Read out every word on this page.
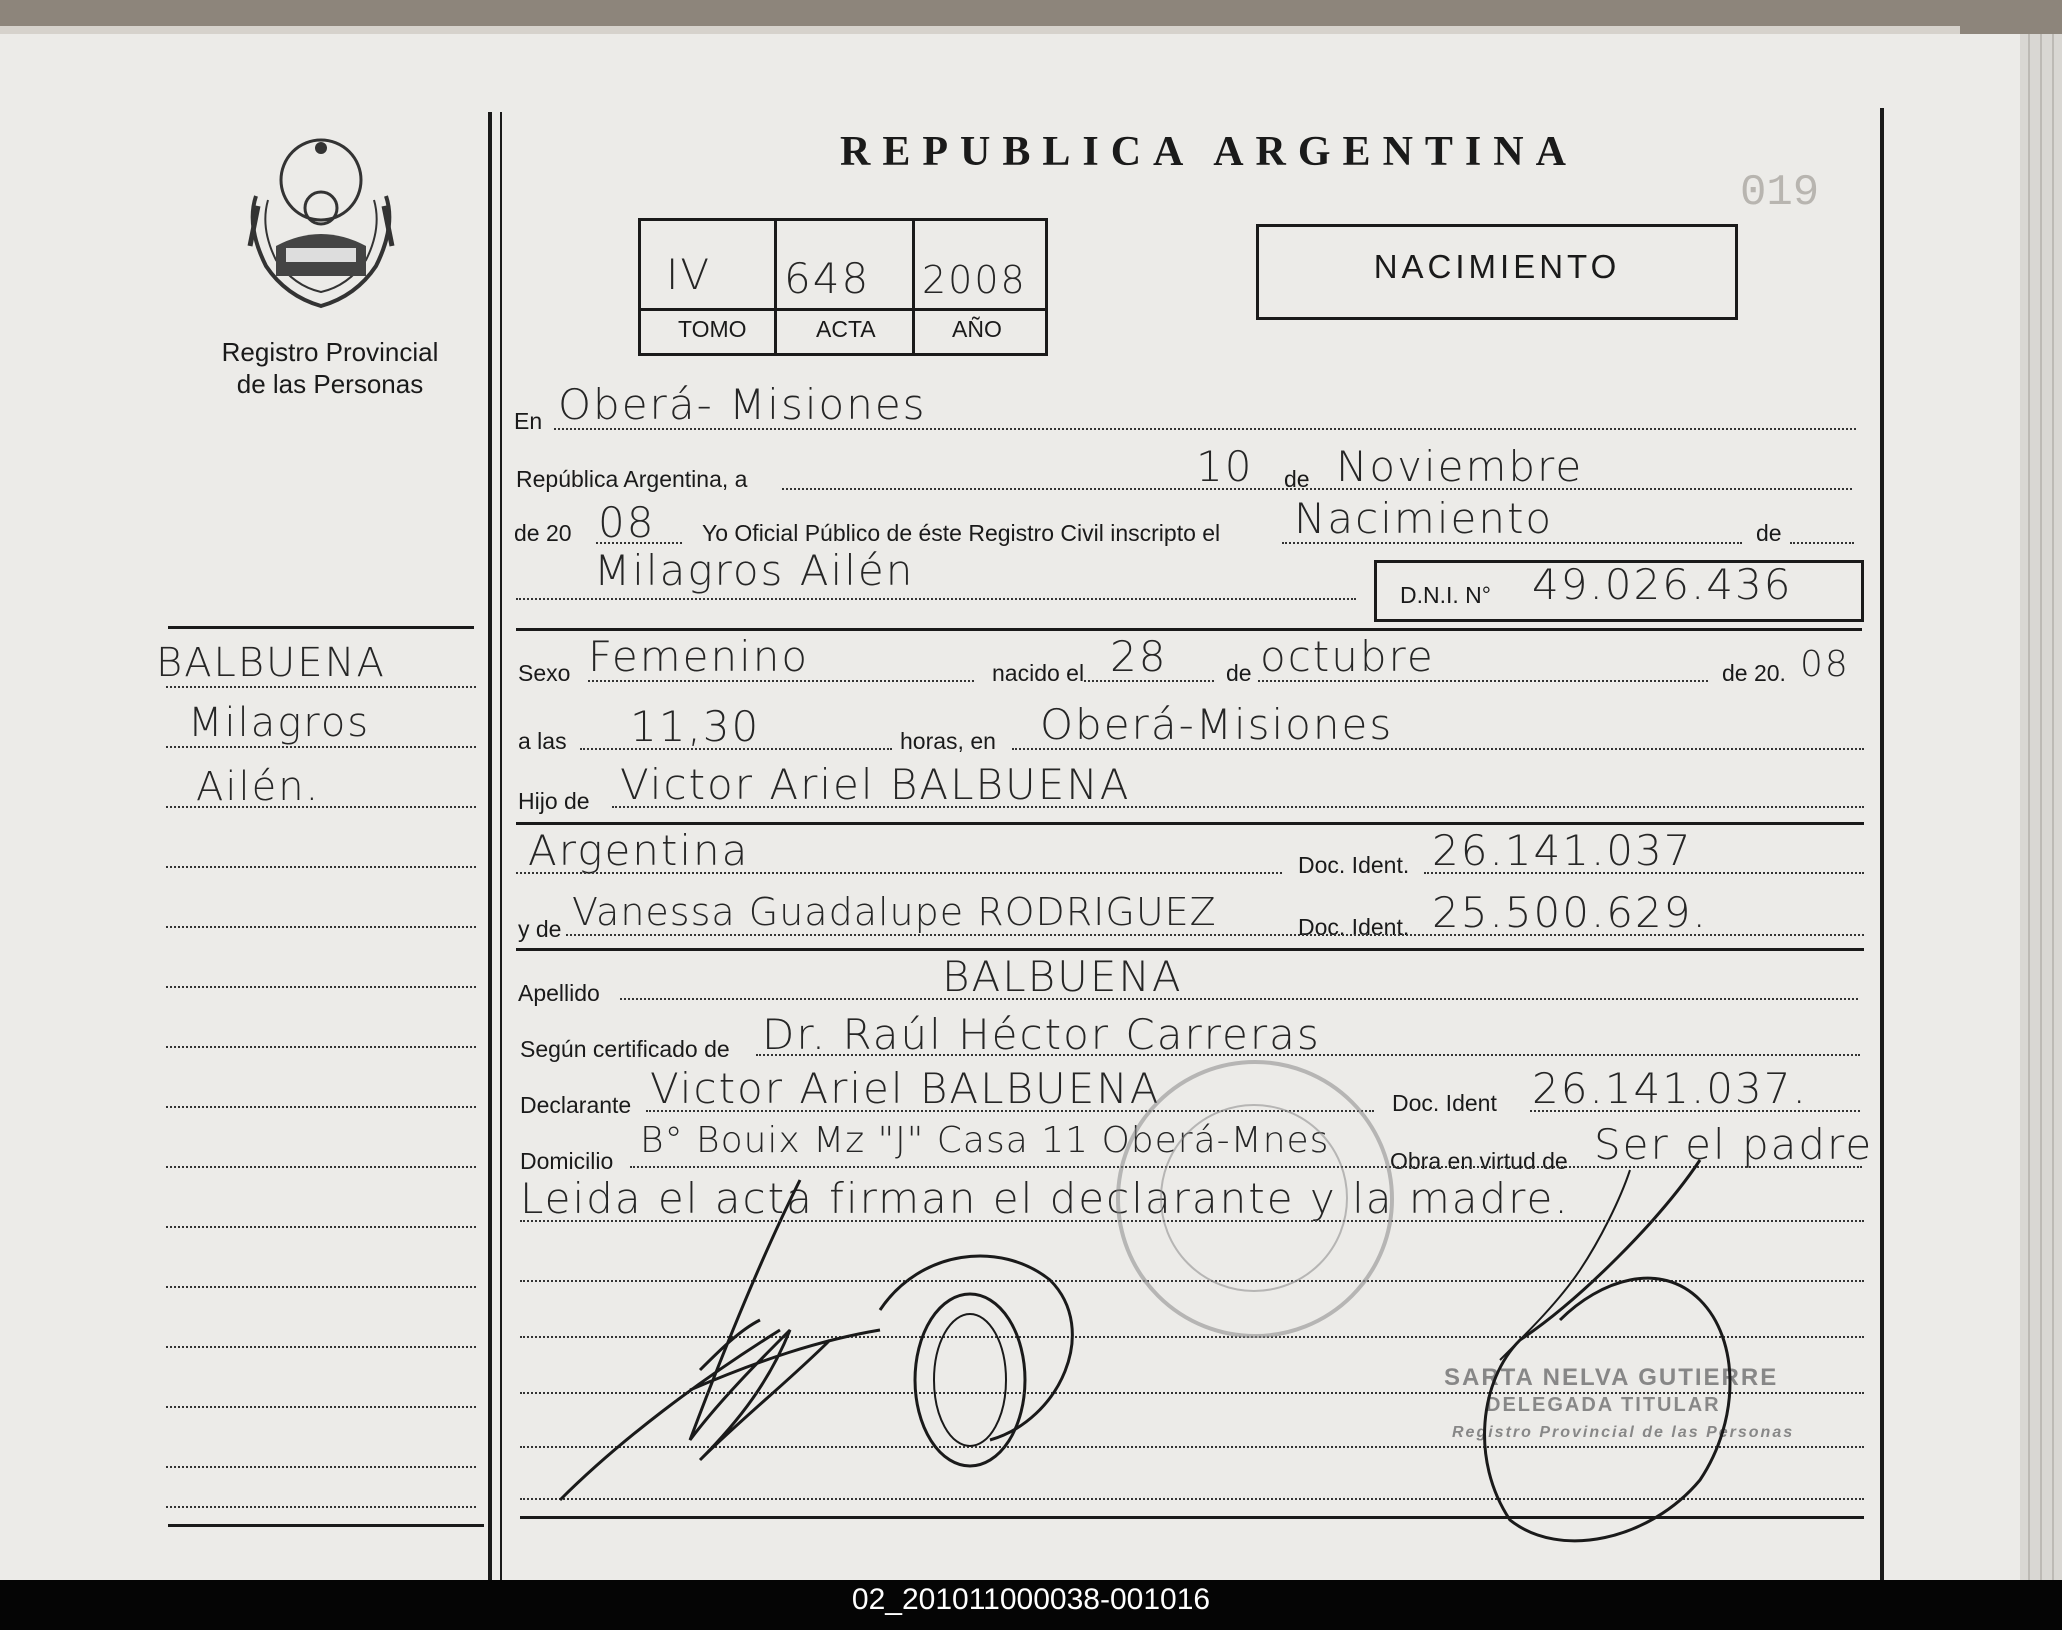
Registro Provincial
de las Personas
REPUBLICA ARGENTINA
019
IV 648 2008
TOMO	ACTA	AÑO
NACIMIENTO
BALBUENA
Milagros
Ailén.
En Oberá- Misiones
República Argentina, a	10 de Noviembre
de 20 08 Yo Oficial Público de éste Registro Civil inscripto el Nacimiento	de
Milagros Ailén	D.N.I. N° 49.026.436
Sexo Femenino	nacido el 28	de octubre	de 20. 08
a las 11,30	horas, en Oberá-Misiones
Hijo de Victor Ariel BALBUENA
Argentina	Doc. Ident. 26.141.037
y de Vanessa Guadalupe RODRIGUEZ	Doc. Ident. 25.500.629.
Apellido	BALBUENA
Según certificado de Dr. Raúl Héctor Carreras
Declarante Victor Ariel BALBUENA	Doc. Ident 26.141.037.
Domicilio B° Bouix Mz "J" Casa 11 Oberá-Mnes	Obra en virtud de Ser el padre
Leida el acta firman el declarante y la madre.
SARTA NELVA GUTIERRE
DELEGADA TITULAR
Registro Provincial de las Personas
02_201011000038-001016
